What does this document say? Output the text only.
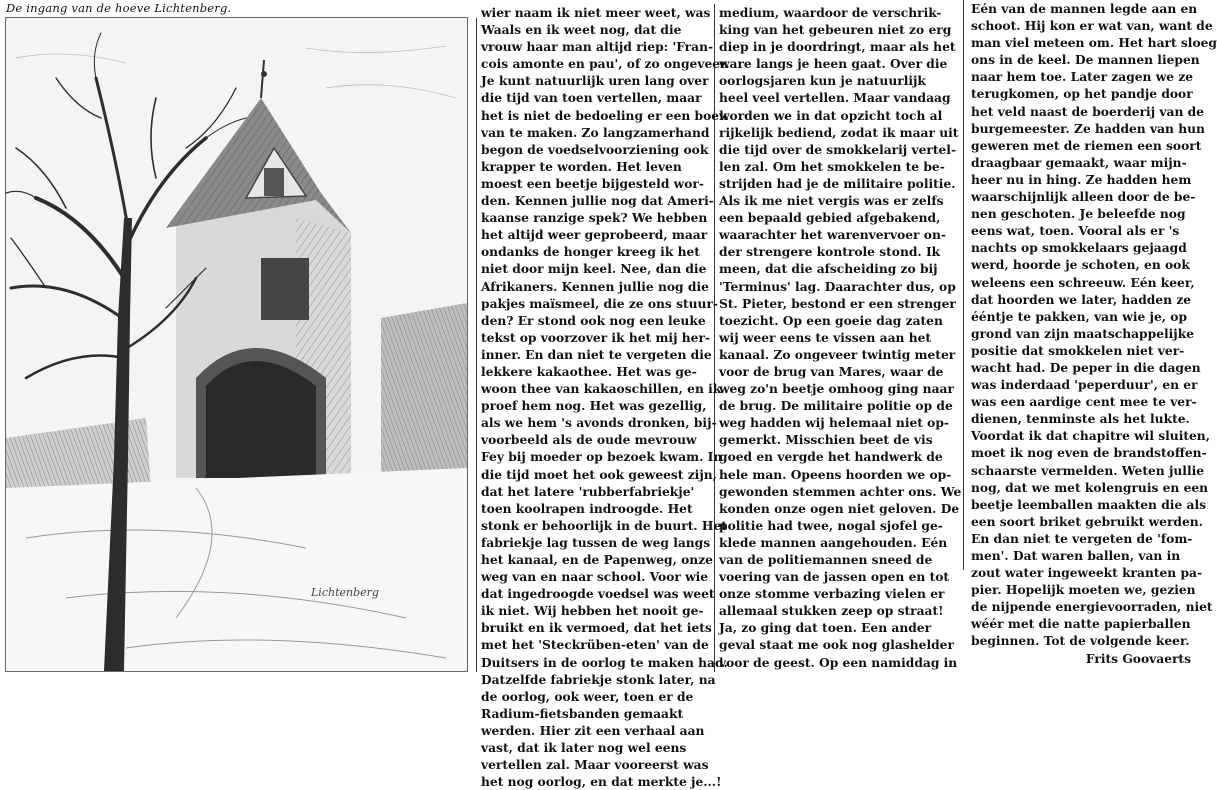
De ingang van de hoeve Lichtenberg.
Lichtenberg
wier naam ik niet meer weet, was
Waals en ik weet nog, dat die
vrouw haar man altijd riep: 'Fran-
cois amonte en pau', of zo ongeveer.
Je kunt natuurlijk uren lang over
die tijd van toen vertellen, maar
het is niet de bedoeling er een boek
van te maken. Zo langzamerhand
begon de voedselvoorziening ook
krapper te worden. Het leven
moest een beetje bijgesteld wor-
den. Kennen jullie nog dat Ameri-
kaanse ranzige spek? We hebben
het altijd weer geprobeerd, maar
ondanks de honger kreeg ik het
niet door mijn keel. Nee, dan die
Afrikaners. Kennen jullie nog die
pakjes maïsmeel, die ze ons stuur-
den? Er stond ook nog een leuke
tekst op voorzover ik het mij her-
inner. En dan niet te vergeten die
lekkere kakaothee. Het was ge-
woon thee van kakaoschillen, en ik
proef hem nog. Het was gezellig,
als we hem 's avonds dronken, bij-
voorbeeld als de oude mevrouw
Fey bij moeder op bezoek kwam. In
die tijd moet het ook geweest zijn,
dat het latere 'rubberfabriekje'
toen koolrapen indroogde. Het
stonk er behoorlijk in de buurt. Het
fabriekje lag tussen de weg langs
het kanaal, en de Papenweg, onze
weg van en naar school. Voor wie
dat ingedroogde voedsel was weet
ik niet. Wij hebben het nooit ge-
bruikt en ik vermoed, dat het iets
met het 'Steckrüben-eten' van de
Duitsers in de oorlog te maken had.
Datzelfde fabriekje stonk later, na
de oorlog, ook weer, toen er de
Radium-fietsbanden gemaakt
werden. Hier zit een verhaal aan
vast, dat ik later nog wel eens
vertellen zal. Maar vooreerst was
het nog oorlog, en dat merkte je...!
medium, waardoor de verschrik-
king van het gebeuren niet zo erg
diep in je doordringt, maar als het
ware langs je heen gaat. Over die
oorlogsjaren kun je natuurlijk
heel veel vertellen. Maar vandaag
worden we in dat opzicht toch al
rijkelijk bediend, zodat ik maar uit
die tijd over de smokkelarij vertel-
len zal. Om het smokkelen te be-
strijden had je de militaire politie.
Als ik me niet vergis was er zelfs
een bepaald gebied afgebakend,
waarachter het warenvervoer on-
der strengere kontrole stond. Ik
meen, dat die afscheiding zo bij
'Terminus' lag. Daarachter dus, op
St. Pieter, bestond er een strenger
toezicht. Op een goeie dag zaten
wij weer eens te vissen aan het
kanaal. Zo ongeveer twintig meter
voor de brug van Mares, waar de
weg zo'n beetje omhoog ging naar
de brug. De militaire politie op de
weg hadden wij helemaal niet op-
gemerkt. Misschien beet de vis
goed en vergde het handwerk de
hele man. Opeens hoorden we op-
gewonden stemmen achter ons. We
konden onze ogen niet geloven. De
politie had twee, nogal sjofel ge-
klede mannen aangehouden. Eén
van de politiemannen sneed de
voering van de jassen open en tot
onze stomme verbazing vielen er
allemaal stukken zeep op straat!
Ja, zo ging dat toen. Een ander
geval staat me ook nog glashelder
voor de geest. Op een namiddag in
Eén van de mannen legde aan en
schoot. Hij kon er wat van, want de
man viel meteen om. Het hart sloeg
ons in de keel. De mannen liepen
naar hem toe. Later zagen we ze
terugkomen, op het pandje door
het veld naast de boerderij van de
burgemeester. Ze hadden van hun
geweren met de riemen een soort
draagbaar gemaakt, waar mijn-
heer nu in hing. Ze hadden hem
waarschijnlijk alleen door de be-
nen geschoten. Je beleefde nog
eens wat, toen. Vooral als er 's
nachts op smokkelaars gejaagd
werd, hoorde je schoten, en ook
weleens een schreeuw. Eén keer,
dat hoorden we later, hadden ze
ééntje te pakken, van wie je, op
grond van zijn maatschappelijke
positie dat smokkelen niet ver-
wacht had. De peper in die dagen
was inderdaad 'peperduur', en er
was een aardige cent mee te ver-
dienen, tenminste als het lukte.
Voordat ik dat chapitre wil sluiten,
moet ik nog even de brandstoffen-
schaarste vermelden. Weten jullie
nog, dat we met kolengruis en een
beetje leemballen maakten die als
een soort briket gebruikt werden.
En dan niet te vergeten de 'fom-
men'. Dat waren ballen, van in
zout water ingeweekt kranten pa-
pier. Hopelijk moeten we, gezien
de nijpende energievoorraden, niet
wéér met die natte papierballen
beginnen. Tot de volgende keer.
Frits Goovaerts
